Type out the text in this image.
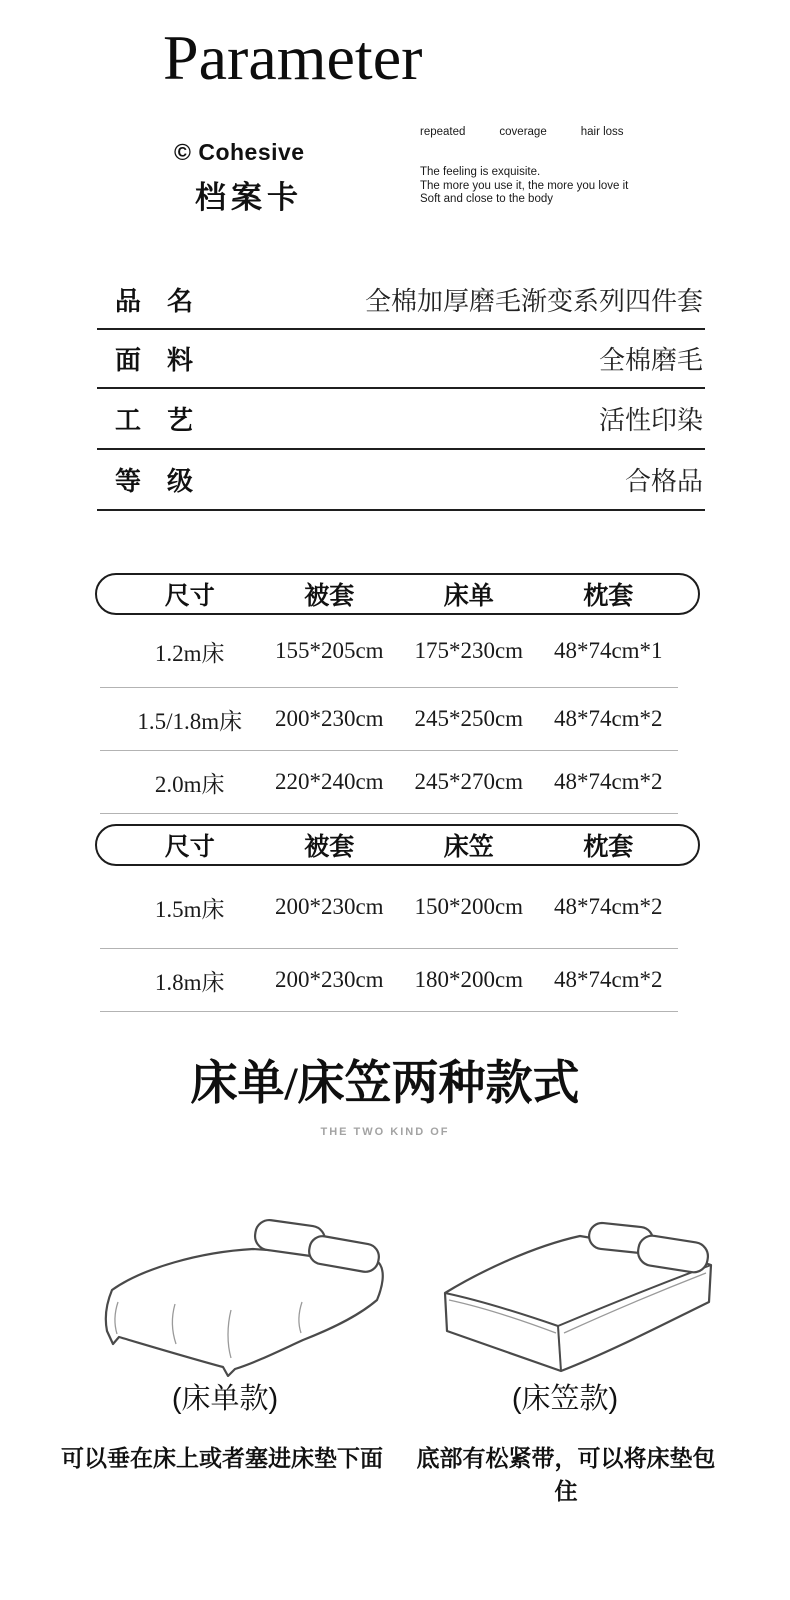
Parameter
© Cohesive
档案卡
repeated	coverage	hair loss
The feeling is exquisite.
The more you use it, the more you love it
Soft and close to the body
品　名	全棉加厚磨毛渐变系列四件套
面　料	全棉磨毛
工　艺	活性印染
等　级	合格品
尺寸	被套	床单	枕套
1.2m床	155*205cm	175*230cm	48*74cm*1
1.5/1.8m床	200*230cm	245*250cm	48*74cm*2
2.0m床	220*240cm	245*270cm	48*74cm*2
尺寸	被套	床笠	枕套
1.5m床	200*230cm	150*200cm	48*74cm*2
1.8m床	200*230cm	180*200cm	48*74cm*2
床单/床笠两种款式
THE TWO KIND OF
(床单款)	(床笠款)
可以垂在床上或者塞进床垫下面	底部有松紧带，可以将床垫包住
